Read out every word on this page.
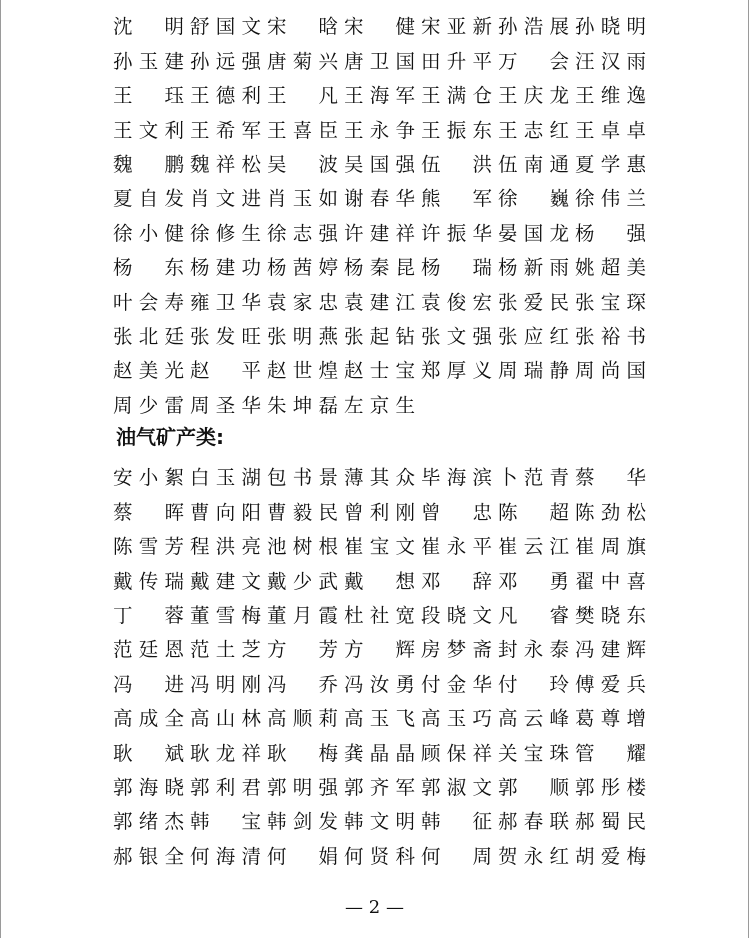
沈 明 舒 国 文 宋 晗 宋 健 宋 亚 新 孙 浩 展 孙 晓 明
孙 玉 建 孙 远 强 唐 菊 兴 唐 卫 国 田 升 平 万 会 汪 汉 雨
王 珏 王 德 利 王 凡 王 海 军 王 满 仓 王 庆 龙 王 维 逸
王 文 利 王 希 军 王 喜 臣 王 永 争 王 振 东 王 志 红 王 卓 卓
魏 鹏 魏 祥 松 吴 波 吴 国 强 伍 洪 伍 南 通 夏 学 惠
夏 自 发 肖 文 进 肖 玉 如 谢 春 华 熊 军 徐 巍 徐 伟 兰
徐 小 健 徐 修 生 徐 志 强 许 建 祥 许 振 华 晏 国 龙 杨 强
杨 东 杨 建 功 杨 茜 婷 杨 秦 昆 杨 瑞 杨 新 雨 姚 超 美
叶 会 寿 雍 卫 华 袁 家 忠 袁 建 江 袁 俊 宏 张 爱 民 张 宝 琛
张 北 廷 张 发 旺 张 明 燕 张 起 钻 张 文 强 张 应 红 张 裕 书
赵 美 光 赵 平 赵 世 煌 赵 士 宝 郑 厚 义 周 瑞 静 周 尚 国
周 少 雷 周 圣 华 朱 坤 磊 左 京 生
油气矿产类:
安 小 絮 白 玉 湖 包 书 景 薄 其 众 毕 海 滨 卜 范 青 蔡 华
蔡 晖 曹 向 阳 曹 毅 民 曾 利 刚 曾 忠 陈 超 陈 劲 松
陈 雪 芳 程 洪 亮 池 树 根 崔 宝 文 崔 永 平 崔 云 江 崔 周 旗
戴 传 瑞 戴 建 文 戴 少 武 戴 想 邓 辞 邓 勇 翟 中 喜
丁 蓉 董 雪 梅 董 月 霞 杜 社 宽 段 晓 文 凡 睿 樊 晓 东
范 廷 恩 范 土 芝 方 芳 方 辉 房 梦 斋 封 永 泰 冯 建 辉
冯 进 冯 明 刚 冯 乔 冯 汝 勇 付 金 华 付 玲 傅 爱 兵
高 成 全 高 山 林 高 顺 莉 高 玉 飞 高 玉 巧 高 云 峰 葛 尊 增
耿 斌 耿 龙 祥 耿 梅 龚 晶 晶 顾 保 祥 关 宝 珠 管 耀
郭 海 晓 郭 利 君 郭 明 强 郭 齐 军 郭 淑 文 郭 顺 郭 彤 楼
郭 绪 杰 韩 宝 韩 剑 发 韩 文 明 韩 征 郝 春 联 郝 蜀 民
郝 银 全 何 海 清 何 娟 何 贤 科 何 周 贺 永 红 胡 爱 梅
— 2 —
